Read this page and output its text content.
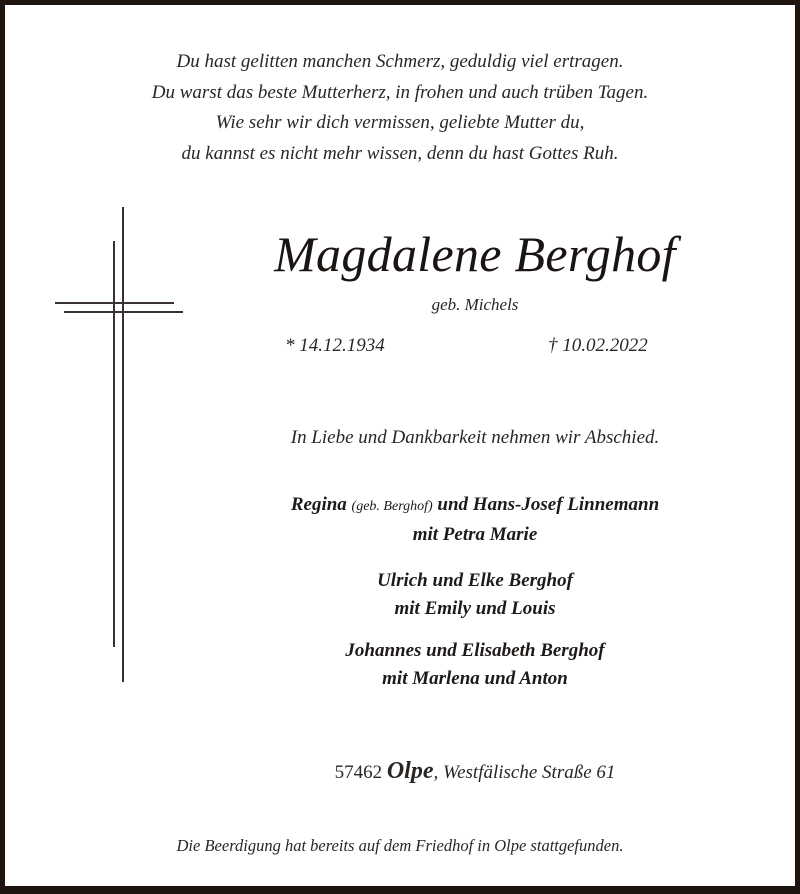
Du hast gelitten manchen Schmerz, geduldig viel ertragen.
Du warst das beste Mutterherz, in frohen und auch trüben Tagen.
Wie sehr wir dich vermissen, geliebte Mutter du,
du kannst es nicht mehr wissen, denn du hast Gottes Ruh.
Magdalene Berghof
geb. Michels
* 14.12.1934	† 10.02.2022
In Liebe und Dankbarkeit nehmen wir Abschied.
Regina (geb. Berghof) und Hans-Josef Linnemann
mit Petra Marie
Ulrich und Elke Berghof
mit Emily und Louis
Johannes und Elisabeth Berghof
mit Marlena und Anton
57462 Olpe, Westfälische Straße 61
Die Beerdigung hat bereits auf dem Friedhof in Olpe stattgefunden.
